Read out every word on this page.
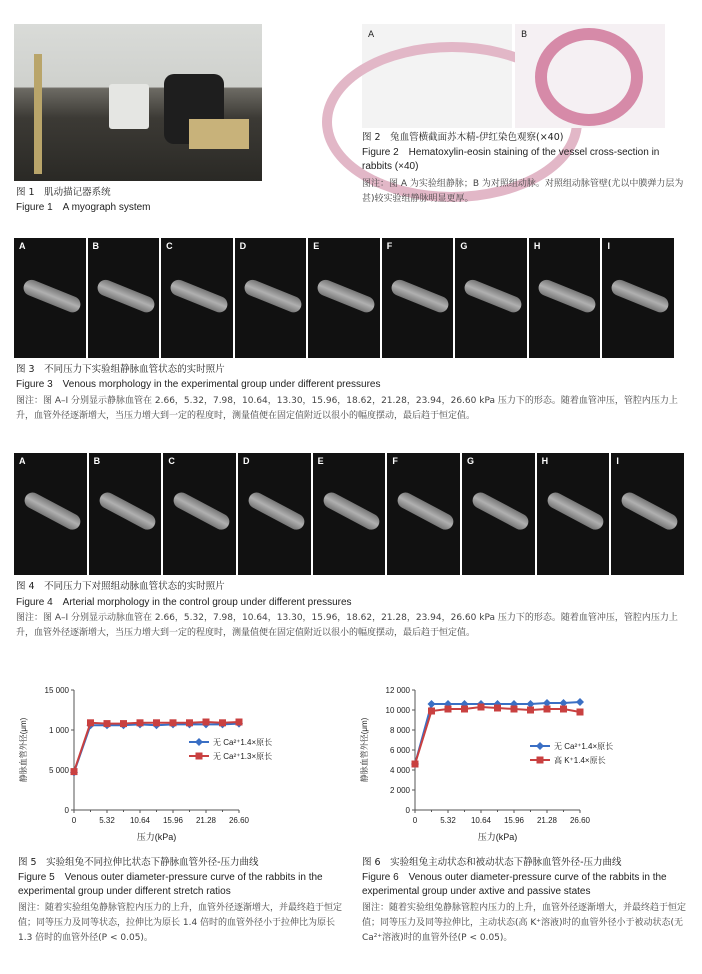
图 1　肌动描记器系统
Figure 1　A myograph system
A	B
图 2　兔血管横截面苏木精-伊红染色观察(×40)
Figure 2　Hematoxylin-eosin staining of the vessel cross-section in rabbits (×40)
图注：图 A 为实验组静脉；B 为对照组动脉。对照组动脉管壁(尤以中膜弹力层为甚)较实验组静脉明显更厚。
A	B	C	D	E	F	G	H	I
图 3　不同压力下实验组静脉血管状态的实时照片
Figure 3　Venous morphology in the experimental group under different pressures
图注：图 A–I 分别显示静脉血管在 2.66，5.32，7.98，10.64，13.30，15.96，18.62，21.28，23.94，26.60 kPa 压力下的形态。随着血管冲压，管腔内压力上升，血管外径逐渐增大，当压力增大到一定的程度时，测量值便在固定值附近以很小的幅度摆动，最后趋于恒定值。
A	B	C	D	E	F	G	H	I
图 4　不同压力下对照组动脉血管状态的实时照片
Figure 4　Arterial morphology in the control group under different pressures
图注：图 A–I 分别显示动脉血管在 2.66，5.32，7.98，10.64，13.30，15.96，18.62，21.28，23.94，26.60 kPa 压力下的形态。随着血管冲压，管腔内压力上升，血管外径逐渐增大，当压力增大到一定的程度时，测量值便在固定值附近以很小的幅度摆动，最后趋于恒定值。
0
5 000
1 000
15 000
0	5.32 10.64 15.96 21.28 26.60
静脉血管外径(μm)
压力(kPa)
无 Ca²⁺1.4×原长
无 Ca²⁺1.3×原长
图 5　实验组兔不同拉伸比状态下静脉血管外径-压力曲线
Figure 5　Venous outer diameter-pressure curve of the rabbits in the experimental group under different stretch ratios
图注：随着实验组兔静脉管腔内压力的上升，血管外径逐渐增大，并最终趋于恒定值；同等压力及同等状态，拉伸比为原长 1.4 倍时的血管外径小于拉伸比为原长 1.3 倍时的血管外径(P < 0.05)。
0
2 000
4 000
6 000
8 000
10 000
12 000
0	5.32 10.64 15.96 21.28 26.60
静脉血管外径(μm)
压力(kPa)
无 Ca²⁺1.4×原长
高 K⁺1.4×原长
图 6　实验组兔主动状态和被动状态下静脉血管外径-压力曲线
Figure 6　Venous outer diameter-pressure curve of the rabbits in the experimental group under axtive and passive states
图注：随着实验组兔静脉管腔内压力的上升，血管外径逐渐增大，并最终趋于恒定值；同等压力及同等拉伸比，主动状态(高 K⁺溶液)时的血管外径小于被动状态(无 Ca²⁺溶液)时的血管外径(P < 0.05)。
